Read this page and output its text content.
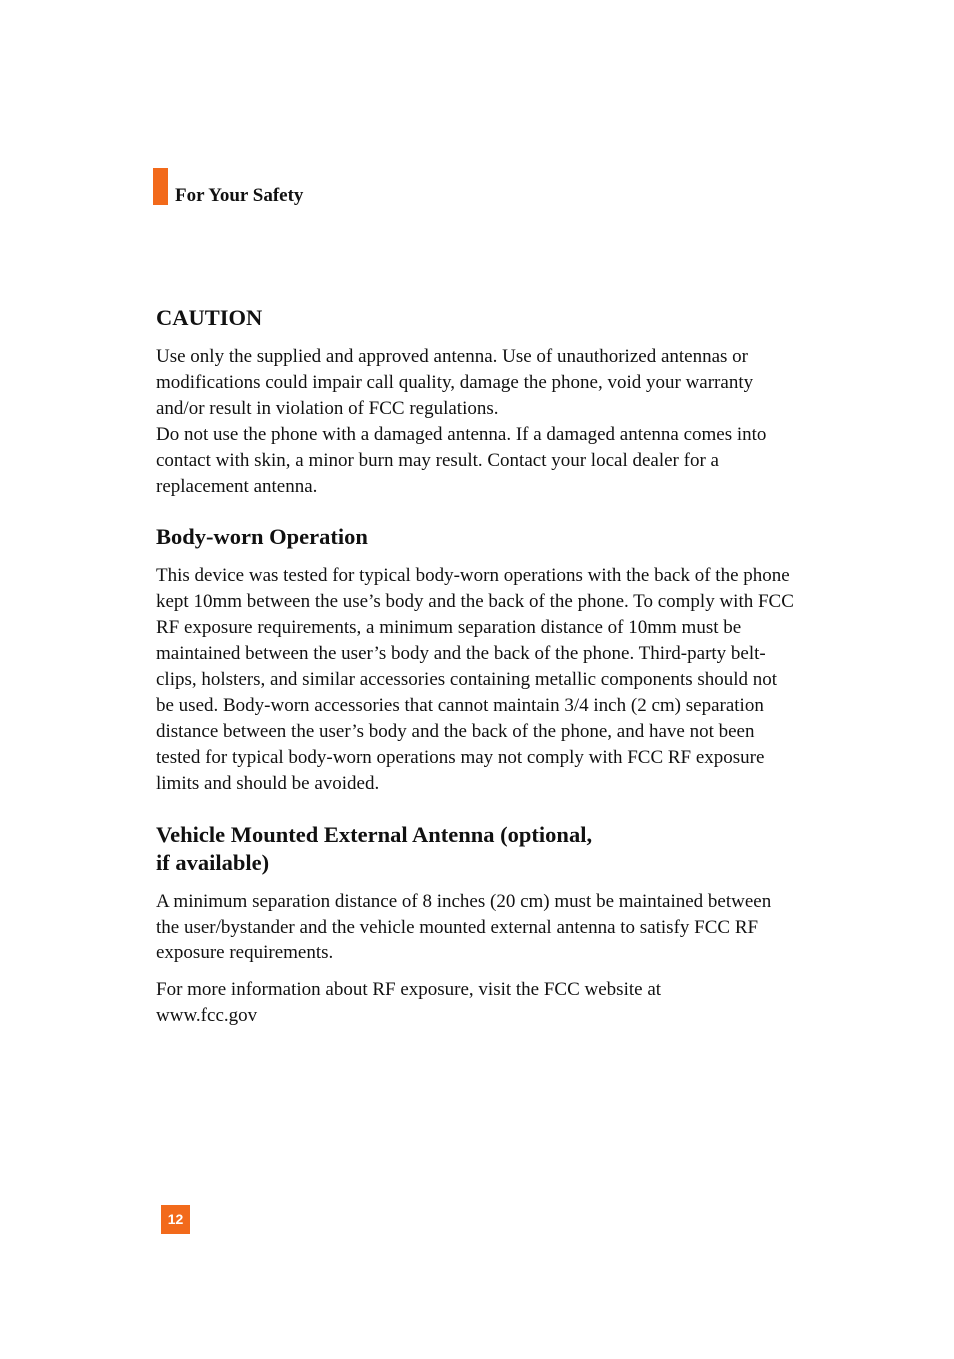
For Your Safety
CAUTION

Use only the supplied and approved antenna. Use of unauthorized antennas or modifications could impair call quality, damage the phone, void your warranty and/or result in violation of FCC regulations.

Do not use the phone with a damaged antenna. If a damaged antenna comes into contact with skin, a minor burn may result. Contact your local dealer for a replacement antenna.

Body-worn Operation

This device was tested for typical body-worn operations with the back of the phone kept 10mm between the use’s body and the back of the phone. To comply with FCC RF exposure requirements, a minimum separation distance of 10mm must be maintained between the user’s body and the back of the phone. Third-party belt-clips, holsters, and similar accessories containing metallic components should not be used. Body-worn accessories that cannot maintain 3/4 inch (2 cm) separation distance between the user’s body and the back of the phone, and have not been tested for typical body-worn operations may not comply with FCC RF exposure limits and should be avoided.

Vehicle Mounted External Antenna (optional,
if available)

A minimum separation distance of 8 inches (20 cm) must be maintained between the user/bystander and the vehicle mounted external antenna to satisfy FCC RF exposure requirements.

For more information about RF exposure, visit the FCC website at
www.fcc.gov

12
